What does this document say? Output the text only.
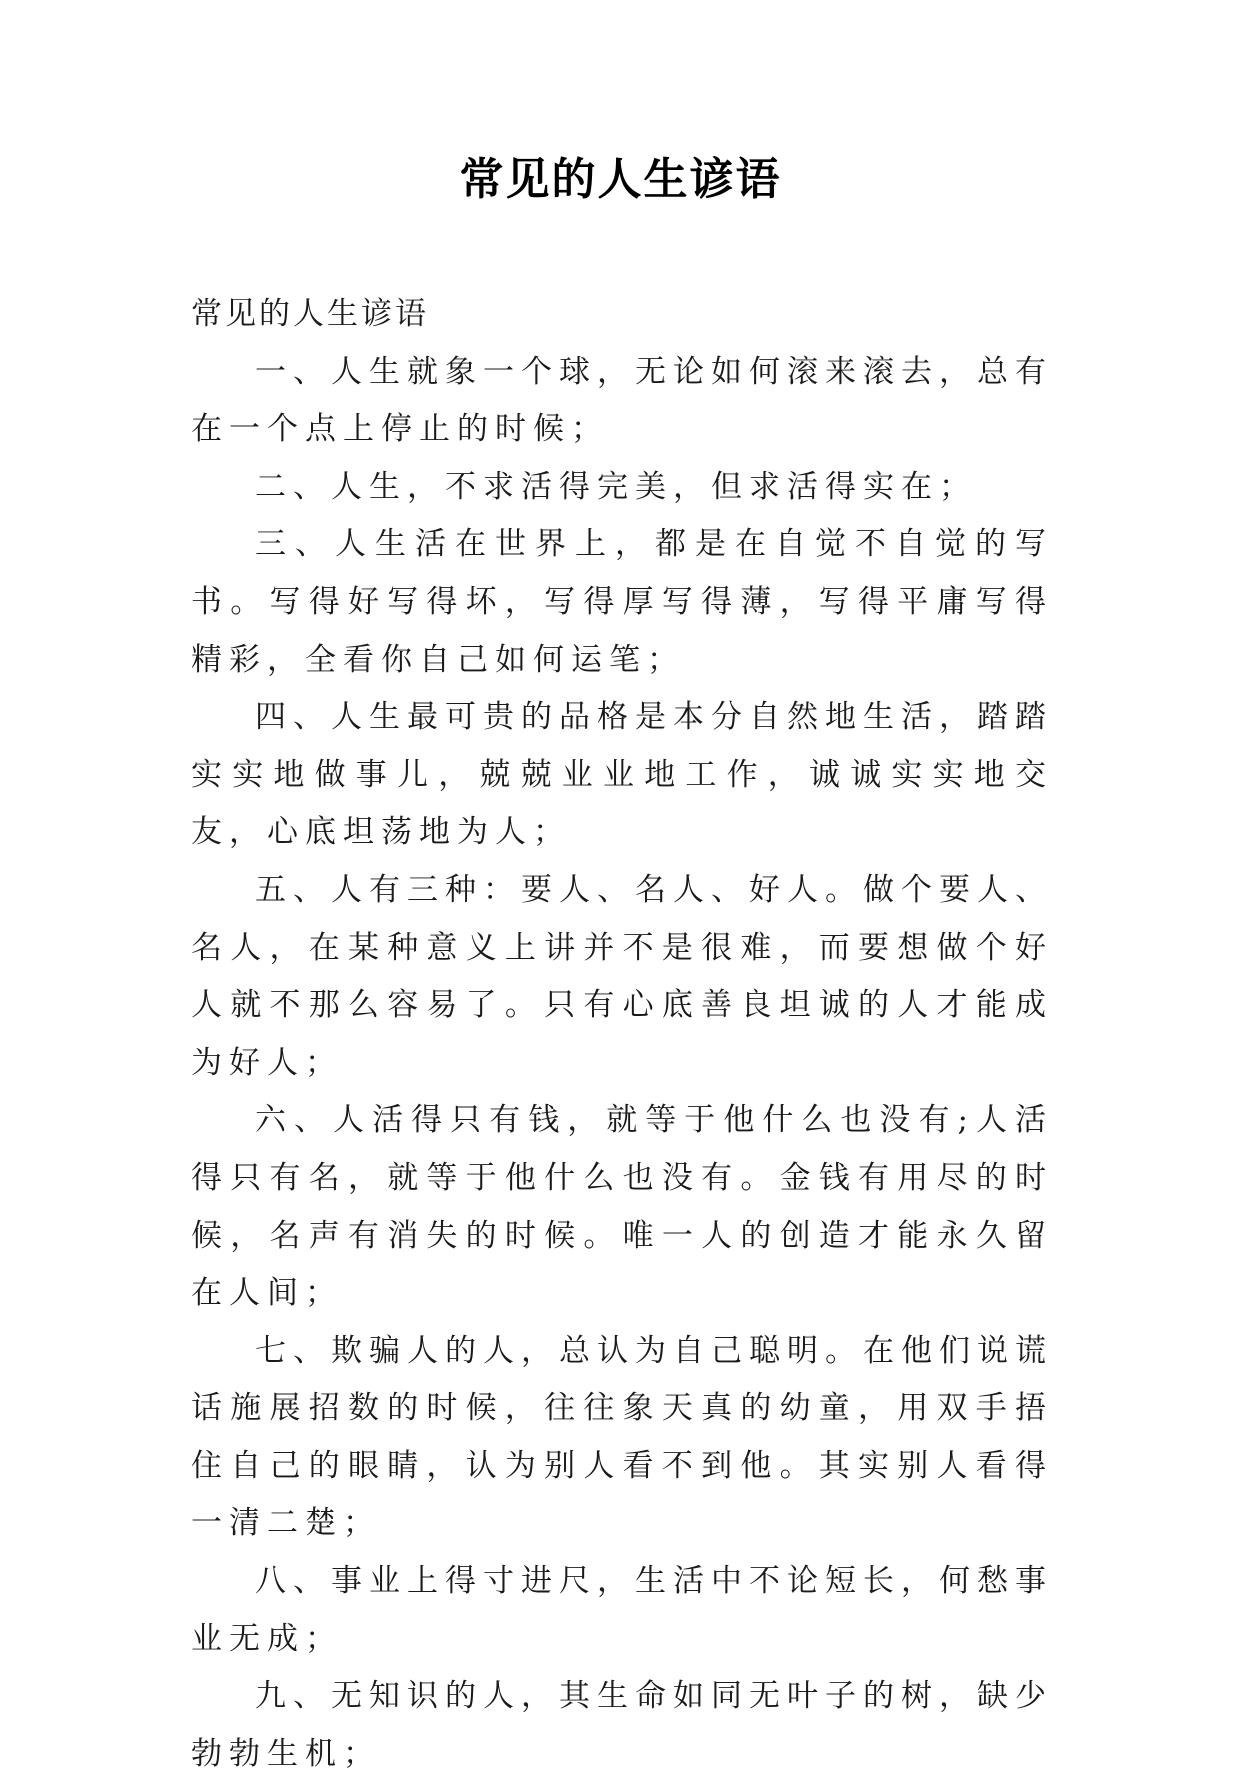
常见的人生谚语

常见的人生谚语

一、人生就象一个球，无论如何滚来滚去，总有在一个点上停止的时候；

二、人生，不求活得完美，但求活得实在；

三、人生活在世界上，都是在自觉不自觉的写书。写得好写得坏，写得厚写得薄，写得平庸写得精彩，全看你自己如何运笔；

四、人生最可贵的品格是本分自然地生活，踏踏实实地做事儿，兢兢业业地工作，诚诚实实地交友，心底坦荡地为人；

五、人有三种：要人、名人、好人。做个要人、名人，在某种意义上讲并不是很难，而要想做个好人就不那么容易了。只有心底善良坦诚的人才能成为好人；

六、人活得只有钱，就等于他什么也没有;人活得只有名，就等于他什么也没有。金钱有用尽的时候，名声有消失的时候。唯一人的创造才能永久留在人间；

七、欺骗人的人，总认为自己聪明。在他们说谎话施展招数的时候，往往象天真的幼童，用双手捂住自己的眼睛，认为别人看不到他。其实别人看得一清二楚；

八、事业上得寸进尺，生活中不论短长，何愁事业无成；

九、无知识的人，其生命如同无叶子的树，缺少勃勃生机；
